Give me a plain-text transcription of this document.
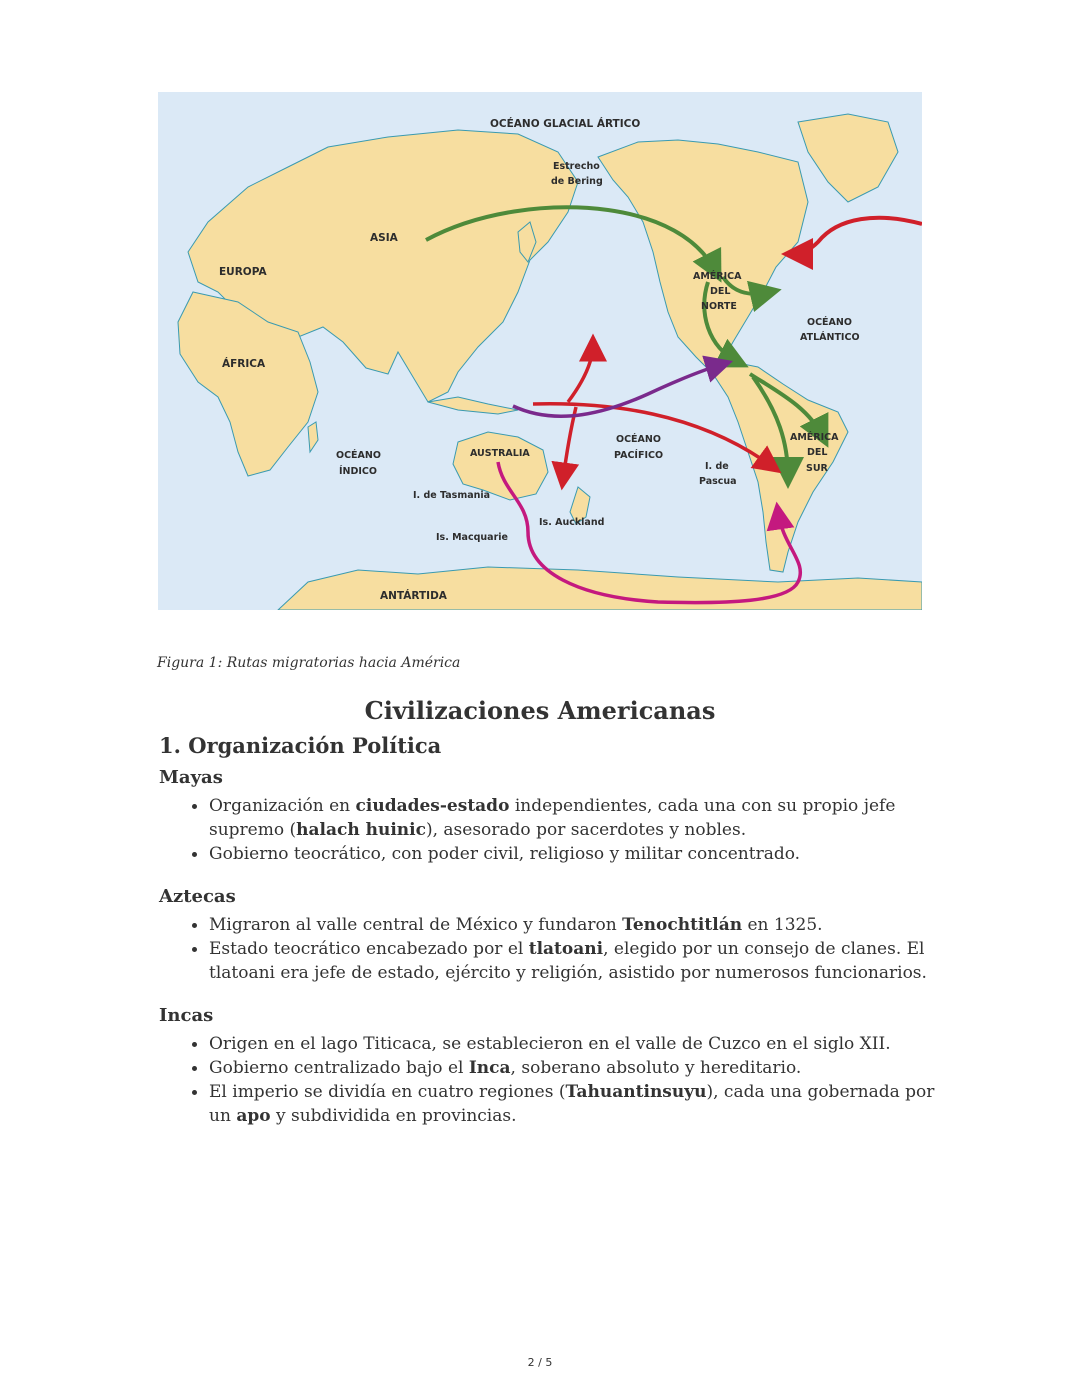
OCÉANO GLACIAL ÁRTICO
Estrecho
de Bering
ASIA
EUROPA
ÁFRICA
AMÉRICA
DEL
NORTE
OCÉANO
ATLÁNTICO
AMÉRICA
DEL
SUR
OCÉANO
PACÍFICO
OCÉANO
ÍNDICO
AUSTRALIA
I. de Tasmania
Is. Macquarie
Is. Auckland
I. de
Pascua
ANTÁRTIDA
Figura 1: Rutas migratorias hacia América
Civilizaciones Americanas
1. Organización Política
Mayas
• Organización en ciudades-estado independientes, cada una con su propio jefe supremo (halach huinic), asesorado por sacerdotes y nobles.
• Gobierno teocrático, con poder civil, religioso y militar concentrado.
Aztecas
• Migraron al valle central de México y fundaron Tenochtitlán en 1325.
• Estado teocrático encabezado por el tlatoani, elegido por un consejo de clanes. El tlatoani era jefe de estado, ejército y religión, asistido por numerosos funcionarios.
Incas
• Origen en el lago Titicaca, se establecieron en el valle de Cuzco en el siglo XII.
• Gobierno centralizado bajo el Inca, soberano absoluto y hereditario.
• El imperio se dividía en cuatro regiones (Tahuantinsuyu), cada una gobernada por un apo y subdividida en provincias.
2 / 5
